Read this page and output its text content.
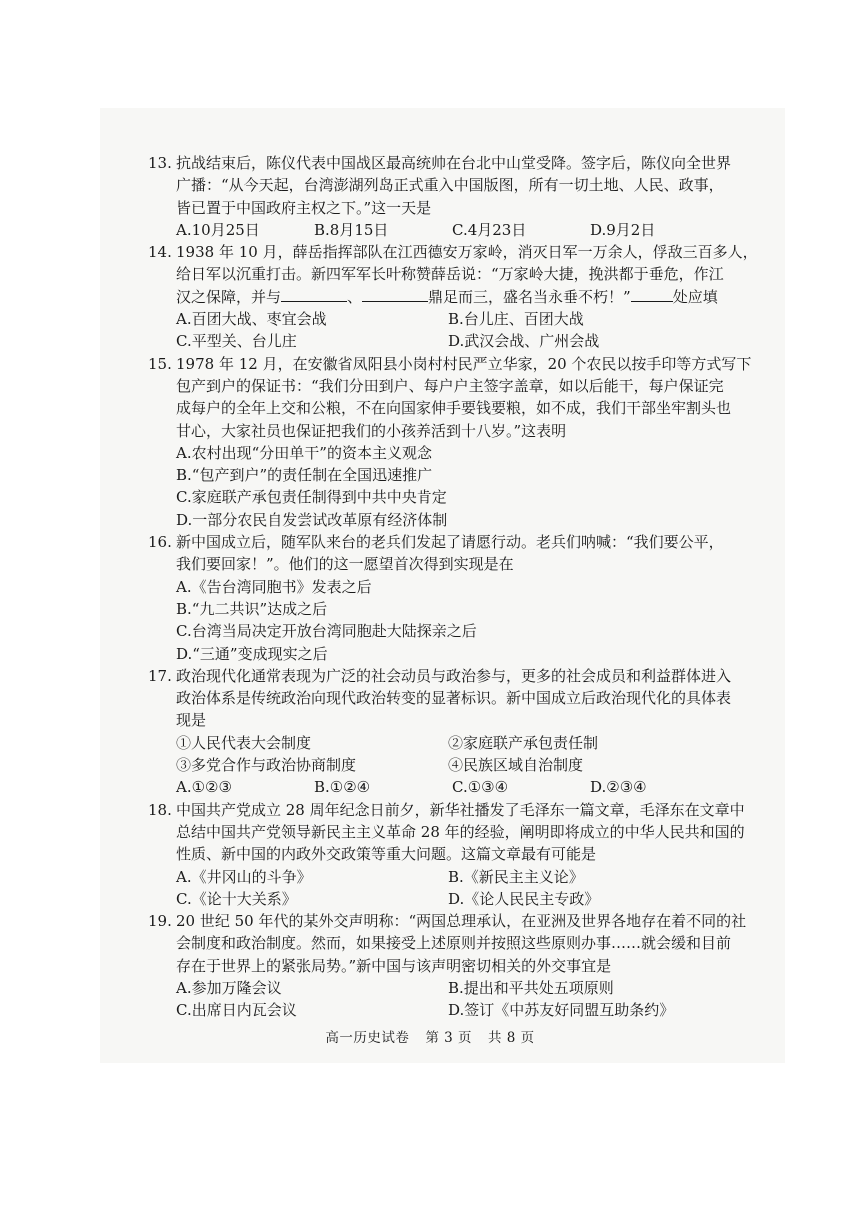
13. 抗战结束后，陈仪代表中国战区最高统帅在台北中山堂受降。签字后，陈仪向全世界
广播：“从今天起，台湾澎湖列岛正式重入中国版图，所有一切土地、人民、政事，
皆已置于中国政府主权之下。”这一天是
A.10月25日	B.8月15日	C.4月23日	D.9月2日
14. 1938 年 10 月，薛岳指挥部队在江西德安万家岭，消灭日军一万余人，俘敌三百多人，
给日军以沉重打击。新四军军长叶称赞薛岳说：“万家岭大捷，挽洪都于垂危，作江
汉之保障，并与	、	鼎足而三，盛名当永垂不朽！”	处应填
A.百团大战、枣宜会战	B.台儿庄、百团大战
C.平型关、台儿庄	D.武汉会战、广州会战
15. 1978 年 12 月，在安徽省凤阳县小岗村村民严立华家，20 个农民以按手印等方式写下
包产到户的保证书：“我们分田到户、每户户主签字盖章，如以后能干，每户保证完
成每户的全年上交和公粮，不在向国家伸手要钱要粮，如不成，我们干部坐牢割头也
甘心，大家社员也保证把我们的小孩养活到十八岁。”这表明
A.农村出现“分田单干”的资本主义观念
B.“包产到户”的责任制在全国迅速推广
C.家庭联产承包责任制得到中共中央肯定
D.一部分农民自发尝试改革原有经济体制
16. 新中国成立后，随军队来台的老兵们发起了请愿行动。老兵们呐喊：“我们要公平，
我们要回家！”。他们的这一愿望首次得到实现是在
A.《告台湾同胞书》发表之后
B.“九二共识”达成之后
C.台湾当局决定开放台湾同胞赴大陆探亲之后
D.“三通”变成现实之后
17. 政治现代化通常表现为广泛的社会动员与政治参与，更多的社会成员和利益群体进入
政治体系是传统政治向现代政治转变的显著标识。新中国成立后政治现代化的具体表
现是
①人民代表大会制度	②家庭联产承包责任制
③多党合作与政治协商制度	④民族区域自治制度
A.①②③	B.①②④	C.①③④	D.②③④
18. 中国共产党成立 28 周年纪念日前夕，新华社播发了毛泽东一篇文章，毛泽东在文章中
总结中国共产党领导新民主主义革命 28 年的经验，阐明即将成立的中华人民共和国的
性质、新中国的内政外交政策等重大问题。这篇文章最有可能是
A.《井冈山的斗争》	B.《新民主主义论》
C.《论十大关系》	D.《论人民民主专政》
19. 20 世纪 50 年代的某外交声明称：“两国总理承认，在亚洲及世界各地存在着不同的社
会制度和政治制度。然而，如果接受上述原则并按照这些原则办事……就会缓和目前
存在于世界上的紧张局势。”新中国与该声明密切相关的外交事宜是
A.参加万隆会议	B.提出和平共处五项原则
C.出席日内瓦会议	D.签订《中苏友好同盟互助条约》
高一历史试卷 第 3 页 共 8 页
